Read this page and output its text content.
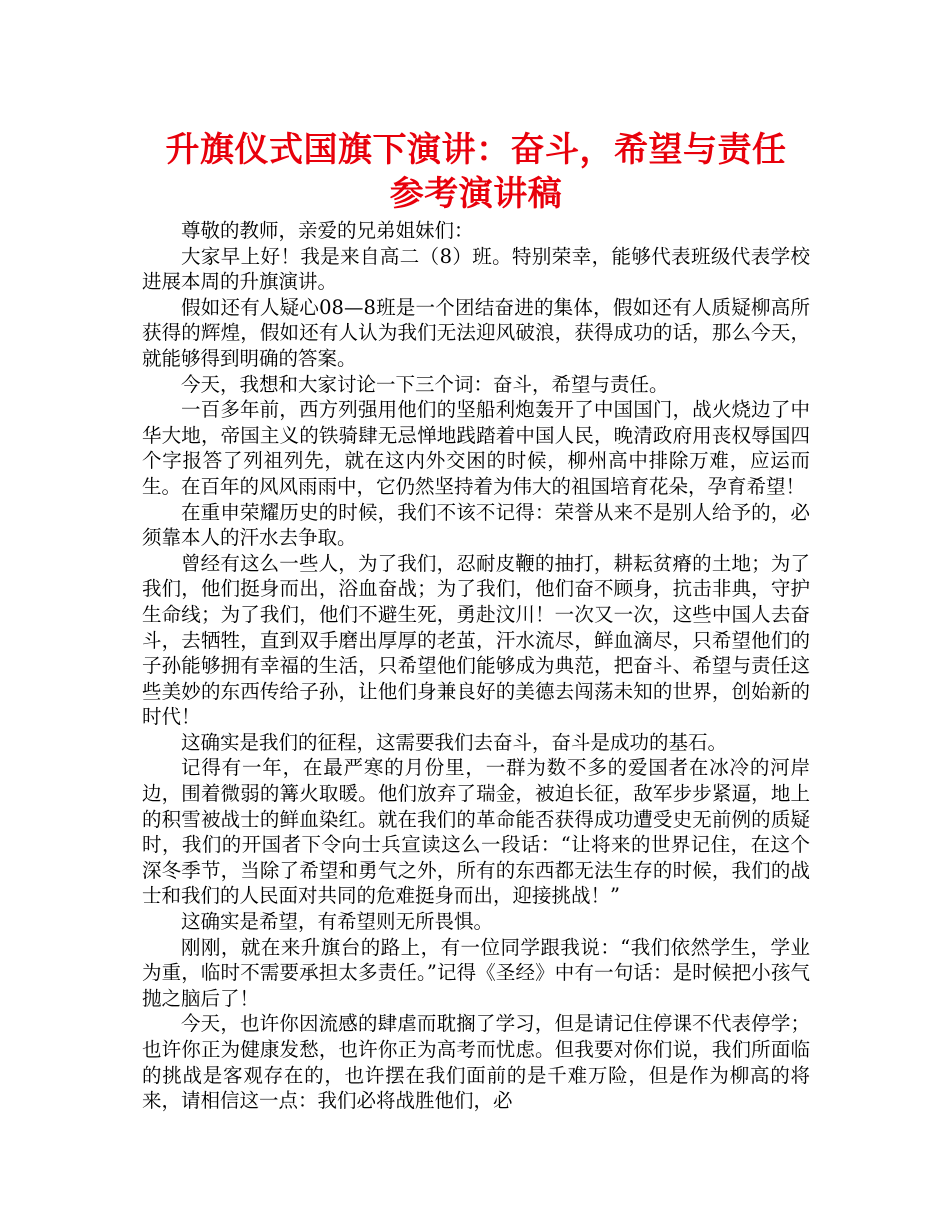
升旗仪式国旗下演讲：奋斗，希望与责任
参考演讲稿

尊敬的教师，亲爱的兄弟姐妹们：

大家早上好！我是来自高二（8）班。特别荣幸，能够代表班级代表学校进展本周的升旗演讲。

假如还有人疑心08—8班是一个团结奋进的集体，假如还有人质疑柳高所获得的辉煌，假如还有人认为我们无法迎风破浪，获得成功的话，那么今天，就能够得到明确的答案。

今天，我想和大家讨论一下三个词：奋斗，希望与责任。

一百多年前，西方列强用他们的坚船利炮轰开了中国国门，战火烧边了中华大地，帝国主义的铁骑肆无忌惮地践踏着中国人民，晚清政府用丧权辱国四个字报答了列祖列先，就在这内外交困的时候，柳州高中排除万难，应运而生。在百年的风风雨雨中，它仍然坚持着为伟大的祖国培育花朵，孕育希望！

在重申荣耀历史的时候，我们不该不记得：荣誉从来不是别人给予的，必须靠本人的汗水去争取。

曾经有这么一些人，为了我们，忍耐皮鞭的抽打，耕耘贫瘠的土地；为了我们，他们挺身而出，浴血奋战；为了我们，他们奋不顾身，抗击非典，守护生命线；为了我们，他们不避生死，勇赴汶川！一次又一次，这些中国人去奋斗，去牺牲，直到双手磨出厚厚的老茧，汗水流尽，鲜血滴尽，只希望他们的子孙能够拥有幸福的生活，只希望他们能够成为典范，把奋斗、希望与责任这些美妙的东西传给子孙，让他们身兼良好的美德去闯荡未知的世界，创始新的时代！

这确实是我们的征程，这需要我们去奋斗，奋斗是成功的基石。

记得有一年，在最严寒的月份里，一群为数不多的爱国者在冰冷的河岸边，围着微弱的篝火取暖。他们放弃了瑞金，被迫长征，敌军步步紧逼，地上的积雪被战士的鲜血染红。就在我们的革命能否获得成功遭受史无前例的质疑时，我们的开国者下令向士兵宣读这么一段话：“让将来的世界记住，在这个深冬季节，当除了希望和勇气之外，所有的东西都无法生存的时候，我们的战士和我们的人民面对共同的危难挺身而出，迎接挑战！”

这确实是希望，有希望则无所畏惧。

刚刚，就在来升旗台的路上，有一位同学跟我说：“我们依然学生，学业为重，临时不需要承担太多责任。”记得《圣经》中有一句话：是时候把小孩气抛之脑后了！

今天，也许你因流感的肆虐而耽搁了学习，但是请记住停课不代表停学；也许你正为健康发愁，也许你正为高考而忧虑。但我要对你们说，我们所面临的挑战是客观存在的，也许摆在我们面前的是千难万险，但是作为柳高的将来，请相信这一点：我们必将战胜他们，必
